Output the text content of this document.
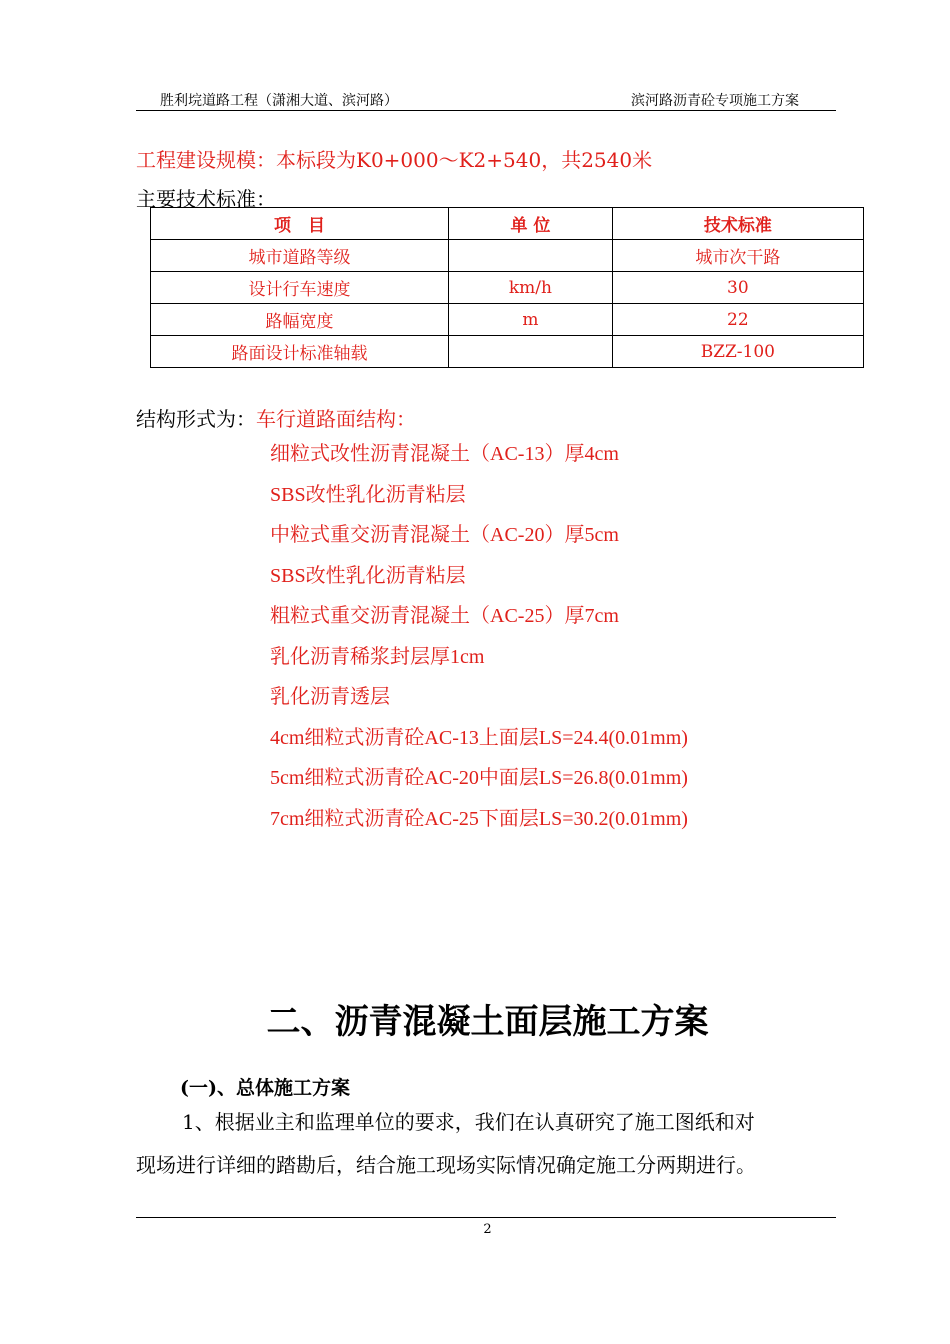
胜利垸道路工程（潇湘大道、滨河路）	滨河路沥青砼专项施工方案
工程建设规模：本标段为K0+000～K2+540，共2540米
主要技术标准：
项　目	单 位	技术标准
城市道路等级		城市次干路
设计行车速度	km/h	30
路幅宽度	m	22
路面设计标准轴载		BZZ-100
结构形式为：车行道路面结构：
细粒式改性沥青混凝土（AC-13）厚4cm
SBS改性乳化沥青粘层
中粒式重交沥青混凝土（AC-20）厚5cm
SBS改性乳化沥青粘层
粗粒式重交沥青混凝土（AC-25）厚7cm
乳化沥青稀浆封层厚1cm
乳化沥青透层
4cm细粒式沥青砼AC-13上面层LS=24.4(0.01mm)
5cm细粒式沥青砼AC-20中面层LS=26.8(0.01mm)
7cm细粒式沥青砼AC-25下面层LS=30.2(0.01mm)
二、沥青混凝土面层施工方案
(一)、总体施工方案
1、根据业主和监理单位的要求，我们在认真研究了施工图纸和对
现场进行详细的踏勘后，结合施工现场实际情况确定施工分两期进行。
2
